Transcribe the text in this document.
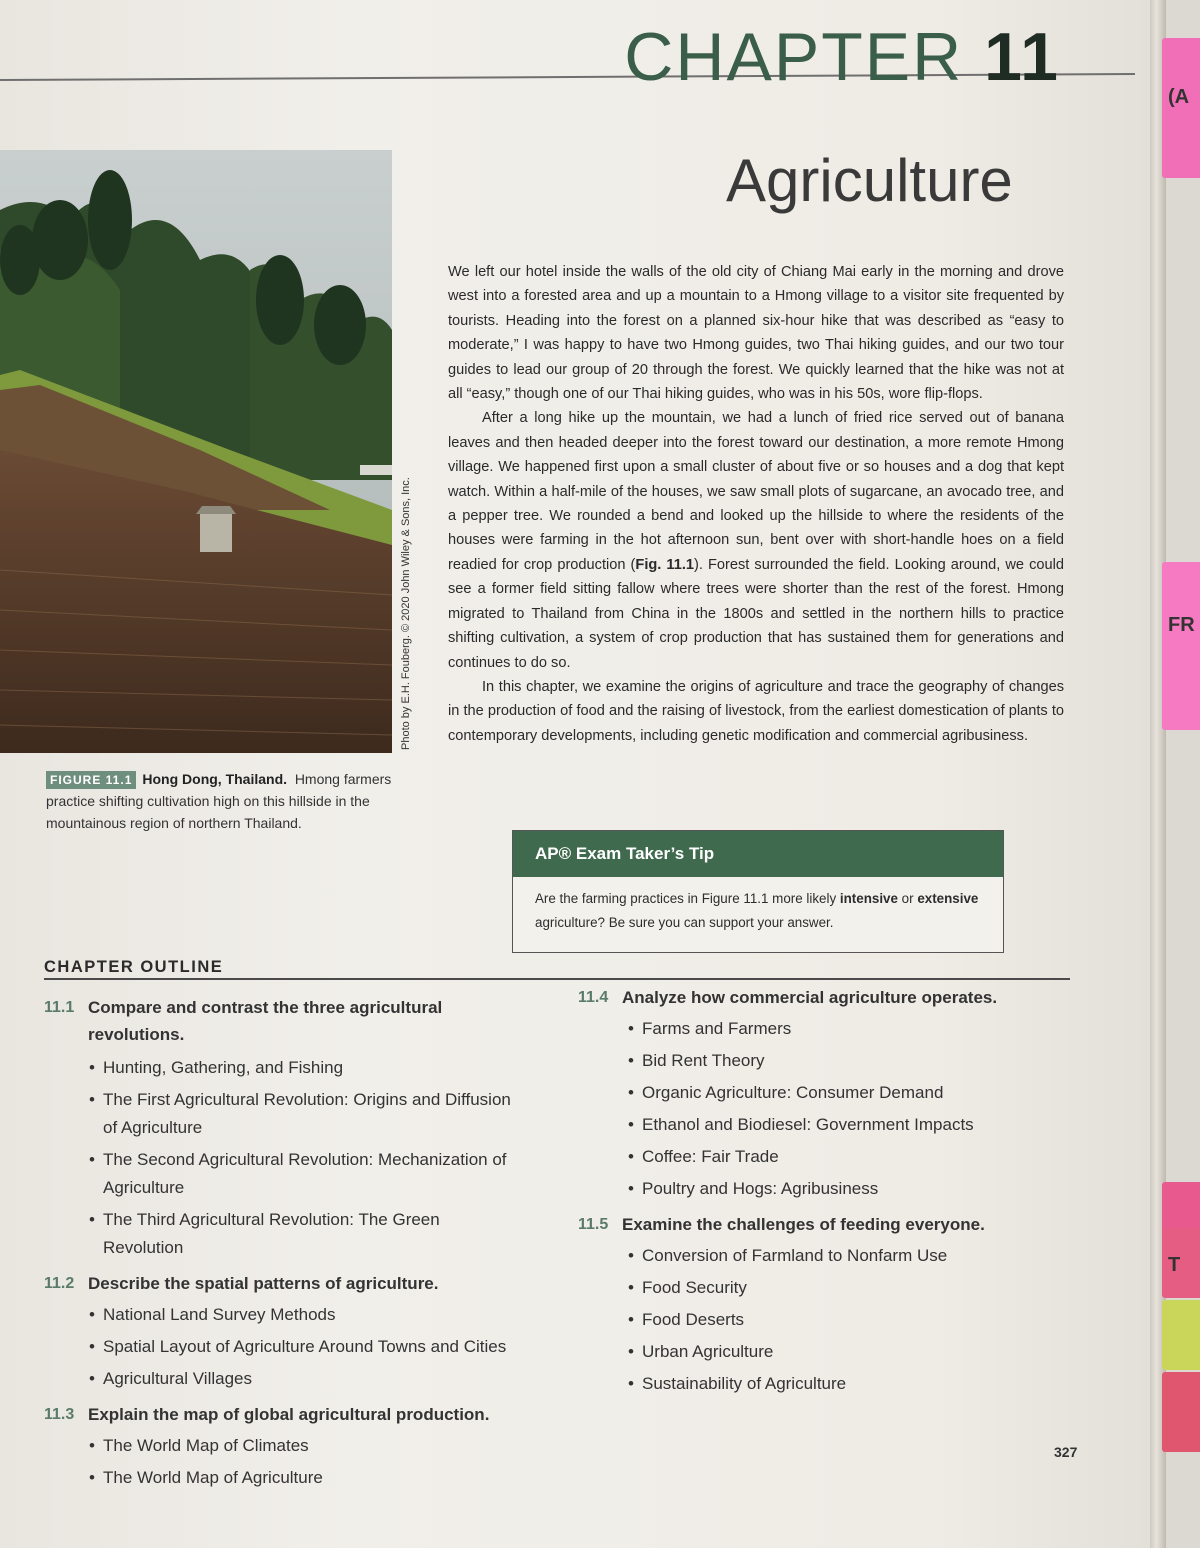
(A
FR
T
CHAPTER 11
Agriculture
Photo by E.H. Fouberg. © 2020 John Wiley & Sons, Inc.
FIGURE 11.1 Hong Dong, Thailand. Hmong farmers practice shifting cultivation high on this hillside in the mountainous region of northern Thailand.

We left our hotel inside the walls of the old city of Chiang Mai early in the morning and drove west into a forested area and up a mountain to a Hmong village to a visitor site frequented by tourists. Heading into the forest on a planned six-hour hike that was described as “easy to moderate,” I was happy to have two Hmong guides, two Thai hiking guides, and our two tour guides to lead our group of 20 through the forest. We quickly learned that the hike was not at all “easy,” though one of our Thai hiking guides, who was in his 50s, wore flip-flops.

After a long hike up the mountain, we had a lunch of fried rice served out of banana leaves and then headed deeper into the forest toward our destination, a more remote Hmong village. We happened first upon a small cluster of about five or so houses and a dog that kept watch. Within a half-mile of the houses, we saw small plots of sugarcane, an avocado tree, and a pepper tree. We rounded a bend and looked up the hillside to where the residents of the houses were farming in the hot afternoon sun, bent over with short-handle hoes on a field readied for crop production (Fig. 11.1). Forest surrounded the field. Looking around, we could see a former field sitting fallow where trees were shorter than the rest of the forest. Hmong migrated to Thailand from China in the 1800s and settled in the northern hills to practice shifting cultivation, a system of crop production that has sustained them for generations and continues to do so.

In this chapter, we examine the origins of agriculture and trace the geography of changes in the production of food and the raising of livestock, from the earliest domestication of plants to contemporary developments, including genetic modification and commercial agribusiness.

AP® Exam Taker’s Tip
Are the farming practices in Figure 11.1 more likely intensive or extensive agriculture? Be sure you can support your answer.
CHAPTER OUTLINE
11.1 Compare and contrast the three agricultural revolutions.
• Hunting, Gathering, and Fishing
• The First Agricultural Revolution: Origins and Diffusion of Agriculture
• The Second Agricultural Revolution: Mechanization of Agriculture
• The Third Agricultural Revolution: The Green Revolution
11.2 Describe the spatial patterns of agriculture.
• National Land Survey Methods
• Spatial Layout of Agriculture Around Towns and Cities
• Agricultural Villages
11.3 Explain the map of global agricultural production.
• The World Map of Climates
• The World Map of Agriculture
11.4 Analyze how commercial agriculture operates.
• Farms and Farmers
• Bid Rent Theory
• Organic Agriculture: Consumer Demand
• Ethanol and Biodiesel: Government Impacts
• Coffee: Fair Trade
• Poultry and Hogs: Agribusiness
11.5 Examine the challenges of feeding everyone.
• Conversion of Farmland to Nonfarm Use
• Food Security
• Food Deserts
• Urban Agriculture
• Sustainability of Agriculture
327
